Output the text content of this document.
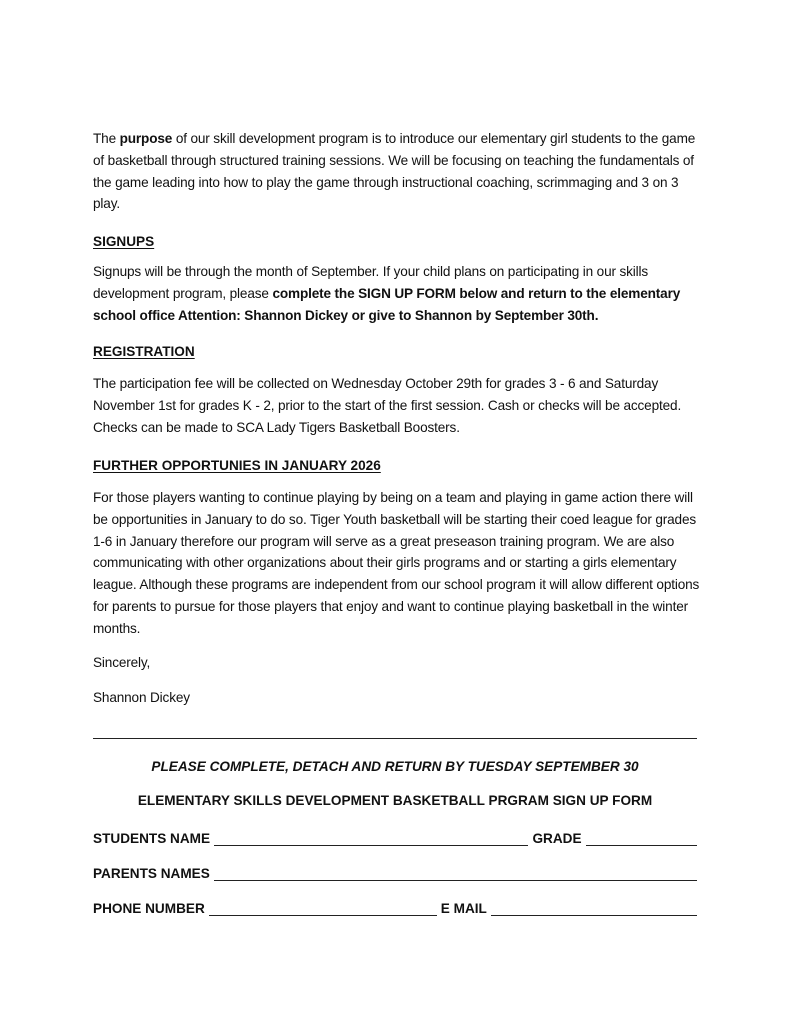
The purpose of our skill development program is to introduce our elementary girl students to the game of basketball through structured training sessions. We will be focusing on teaching the fundamentals of the game leading into how to play the game through instructional coaching, scrimmaging and 3 on 3 play.

SIGNUPS

Signups will be through the month of September. If your child plans on participating in our skills development program, please complete the SIGN UP FORM below and return to the elementary school office Attention: Shannon Dickey or give to Shannon by September 30th.

REGISTRATION

The participation fee will be collected on Wednesday October 29th for grades 3 - 6 and Saturday November 1st for grades K - 2, prior to the start of the first session. Cash or checks will be accepted. Checks can be made to SCA Lady Tigers Basketball Boosters.

FURTHER OPPORTUNIES IN JANUARY 2026

For those players wanting to continue playing by being on a team and playing in game action there will be opportunities in January to do so. Tiger Youth basketball will be starting their coed league for grades 1-6 in January therefore our program will serve as a great preseason training program. We are also communicating with other organizations about their girls programs and or starting a girls elementary league. Although these programs are independent from our school program it will allow different options for parents to pursue for those players that enjoy and want to continue playing basketball in the winter months.

Sincerely,

Shannon Dickey

PLEASE COMPLETE, DETACH AND RETURN BY TUESDAY SEPTEMBER 30
ELEMENTARY SKILLS DEVELOPMENT BASKETBALL PRGRAM SIGN UP FORM
STUDENTS NAME	GRADE
PARENTS NAMES
PHONE NUMBER	E MAIL
